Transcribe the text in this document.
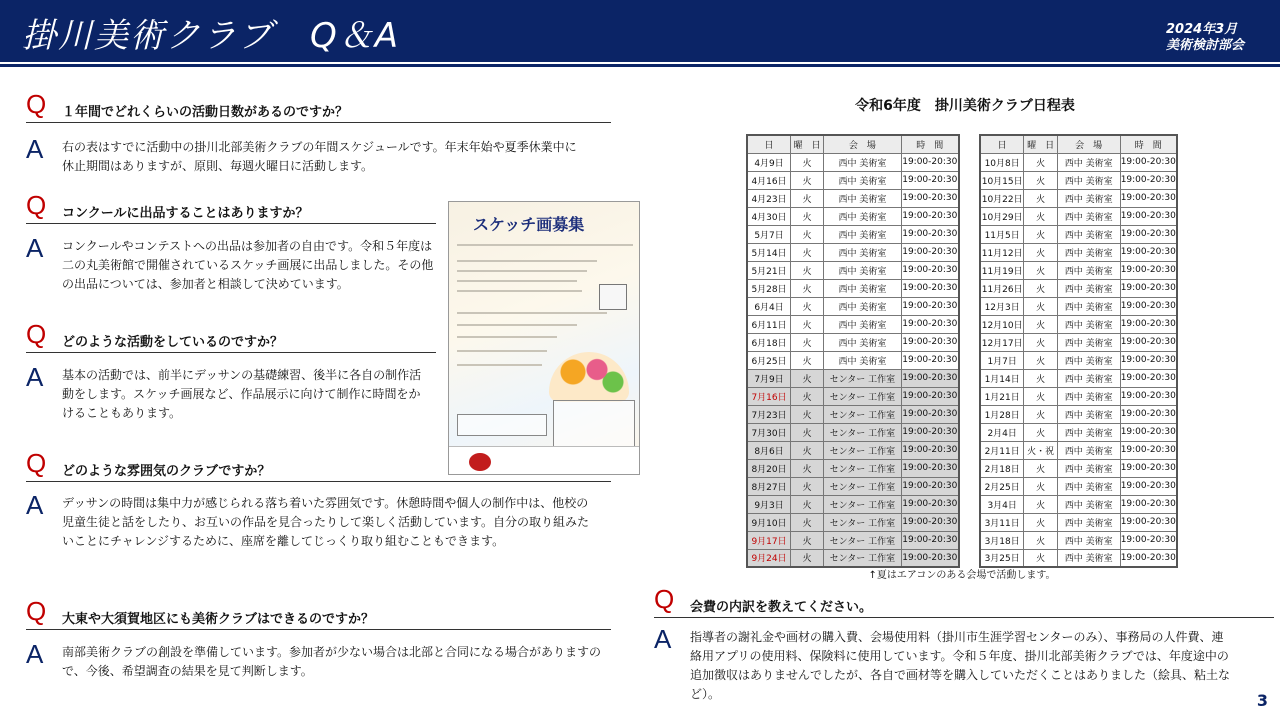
掛川美術クラブ　Q＆A	2024年3月
美術検討部会
Q １年間でどれくらいの活動日数があるのですか？
A 右の表はすでに活動中の掛川北部美術クラブの年間スケジュールです。年末年始や夏季休業中に休止期間はありますが、原則、毎週火曜日に活動します。
Q コンクールに出品することはありますか？
A コンクールやコンテストへの出品は参加者の自由です。令和５年度は二の丸美術館で開催されているスケッチ画展に出品しました。その他の出品については、参加者と相談して決めています。
Q どのような活動をしているのですか？
A 基本の活動では、前半にデッサンの基礎練習、後半に各自の制作活動をします。スケッチ画展など、作品展示に向けて制作に時間をかけることもあります。
Q どのような雰囲気のクラブですか？
A デッサンの時間は集中力が感じられる落ち着いた雰囲気です。休憩時間や個人の制作中は、他校の児童生徒と話をしたり、お互いの作品を見合ったりして楽しく活動しています。自分の取り組みたいことにチャレンジするために、座席を離してじっくり取り組むこともできます。
Q 大東や大須賀地区にも美術クラブはできるのですか？
A 南部美術クラブの創設を準備しています。参加者が少ない場合は北部と合同になる場合がありますので、今後、希望調査の結果を見て判断します。
Q 会費の内訳を教えてください。
A 指導者の謝礼金や画材の購入費、会場使用料（掛川市生涯学習センターのみ）、事務局の人件費、連絡用アプリの使用料、保険料に使用しています。令和５年度、掛川北部美術クラブでは、年度途中の追加徴収はありませんでしたが、各自で画材等を購入していただくことはありました（絵具、粘土など）。
スケッチ画募集
令和6年度　掛川美術クラブ日程表
日	曜　日	会　場	時　間
4月9日	火	西中 美術室	19:00-20:30
4月16日	火	西中 美術室	19:00-20:30
4月23日	火	西中 美術室	19:00-20:30
4月30日	火	西中 美術室	19:00-20:30
5月7日	火	西中 美術室	19:00-20:30
5月14日	火	西中 美術室	19:00-20:30
5月21日	火	西中 美術室	19:00-20:30
5月28日	火	西中 美術室	19:00-20:30
6月4日	火	西中 美術室	19:00-20:30
6月11日	火	西中 美術室	19:00-20:30
6月18日	火	西中 美術室	19:00-20:30
6月25日	火	西中 美術室	19:00-20:30
7月9日	火	センター 工作室	19:00-20:30
7月16日	火	センター 工作室	19:00-20:30
7月23日	火	センター 工作室	19:00-20:30
7月30日	火	センター 工作室	19:00-20:30
8月6日	火	センター 工作室	19:00-20:30
8月20日	火	センター 工作室	19:00-20:30
8月27日	火	センター 工作室	19:00-20:30
9月3日	火	センター 工作室	19:00-20:30
9月10日	火	センター 工作室	19:00-20:30
9月17日	火	センター 工作室	19:00-20:30
9月24日	火	センター 工作室	19:00-20:30
日	曜　日	会　場	時　間
10月8日	火	西中 美術室	19:00-20:30
10月15日	火	西中 美術室	19:00-20:30
10月22日	火	西中 美術室	19:00-20:30
10月29日	火	西中 美術室	19:00-20:30
11月5日	火	西中 美術室	19:00-20:30
11月12日	火	西中 美術室	19:00-20:30
11月19日	火	西中 美術室	19:00-20:30
11月26日	火	西中 美術室	19:00-20:30
12月3日	火	西中 美術室	19:00-20:30
12月10日	火	西中 美術室	19:00-20:30
12月17日	火	西中 美術室	19:00-20:30
1月7日	火	西中 美術室	19:00-20:30
1月14日	火	西中 美術室	19:00-20:30
1月21日	火	西中 美術室	19:00-20:30
1月28日	火	西中 美術室	19:00-20:30
2月4日	火	西中 美術室	19:00-20:30
2月11日	火・祝	西中 美術室	19:00-20:30
2月18日	火	西中 美術室	19:00-20:30
2月25日	火	西中 美術室	19:00-20:30
3月4日	火	西中 美術室	19:00-20:30
3月11日	火	西中 美術室	19:00-20:30
3月18日	火	西中 美術室	19:00-20:30
3月25日	火	西中 美術室	19:00-20:30
↑夏はエアコンのある会場で活動します。
3
